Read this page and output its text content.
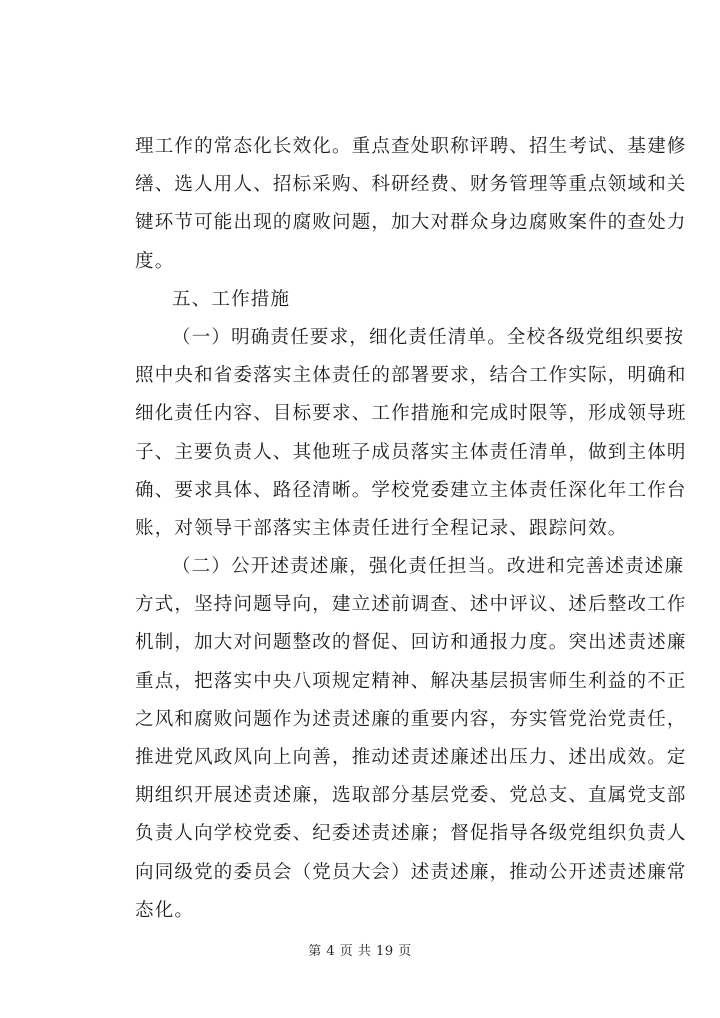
理工作的常态化长效化。重点查处职称评聘、招生考试、基建修
缮、选人用人、招标采购、科研经费、财务管理等重点领域和关
键环节可能出现的腐败问题，加大对群众身边腐败案件的查处力
度。
五、工作措施
（一）明确责任要求，细化责任清单。全校各级党组织要按
照中央和省委落实主体责任的部署要求，结合工作实际，明确和
细化责任内容、目标要求、工作措施和完成时限等，形成领导班
子、主要负责人、其他班子成员落实主体责任清单，做到主体明
确、要求具体、路径清晰。学校党委建立主体责任深化年工作台
账，对领导干部落实主体责任进行全程记录、跟踪问效。
（二）公开述责述廉，强化责任担当。改进和完善述责述廉
方式，坚持问题导向，建立述前调查、述中评议、述后整改工作
机制，加大对问题整改的督促、回访和通报力度。突出述责述廉
重点，把落实中央八项规定精神、解决基层损害师生利益的不正
之风和腐败问题作为述责述廉的重要内容，夯实管党治党责任，
推进党风政风向上向善，推动述责述廉述出压力、述出成效。定
期组织开展述责述廉，选取部分基层党委、党总支、直属党支部
负责人向学校党委、纪委述责述廉；督促指导各级党组织负责人
向同级党的委员会（党员大会）述责述廉，推动公开述责述廉常
态化。
第 4 页 共 19 页
